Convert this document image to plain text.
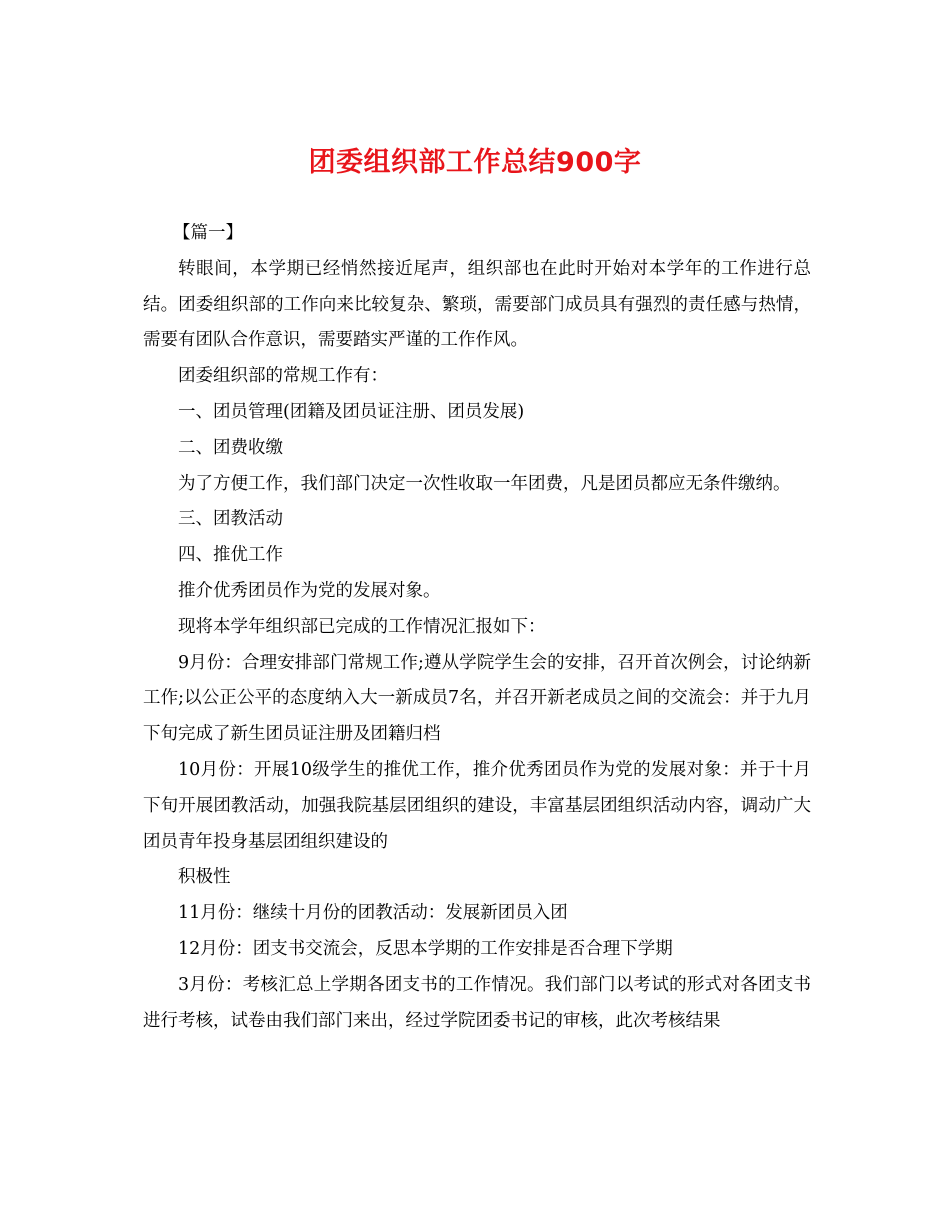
团委组织部工作总结900字

【篇一】

转眼间，本学期已经悄然接近尾声，组织部也在此时开始对本学年的工作进行总结。团委组织部的工作向来比较复杂、繁琐，需要部门成员具有强烈的责任感与热情，需要有团队合作意识，需要踏实严谨的工作作风。

团委组织部的常规工作有：

一、团员管理(团籍及团员证注册、团员发展)

二、团费收缴

为了方便工作，我们部门决定一次性收取一年团费，凡是团员都应无条件缴纳。

三、团教活动

四、推优工作

推介优秀团员作为党的发展对象。

现将本学年组织部已完成的工作情况汇报如下：

9月份：合理安排部门常规工作;遵从学院学生会的安排，召开首次例会，讨论纳新工作;以公正公平的态度纳入大一新成员7名，并召开新老成员之间的交流会：并于九月下旬完成了新生团员证注册及团籍归档

10月份：开展10级学生的推优工作，推介优秀团员作为党的发展对象：并于十月下旬开展团教活动，加强我院基层团组织的建设，丰富基层团组织活动内容，调动广大团员青年投身基层团组织建设的

积极性

11月份：继续十月份的团教活动：发展新团员入团

12月份：团支书交流会，反思本学期的工作安排是否合理下学期

3月份：考核汇总上学期各团支书的工作情况。我们部门以考试的形式对各团支书进行考核，试卷由我们部门来出，经过学院团委书记的审核，此次考核结果
